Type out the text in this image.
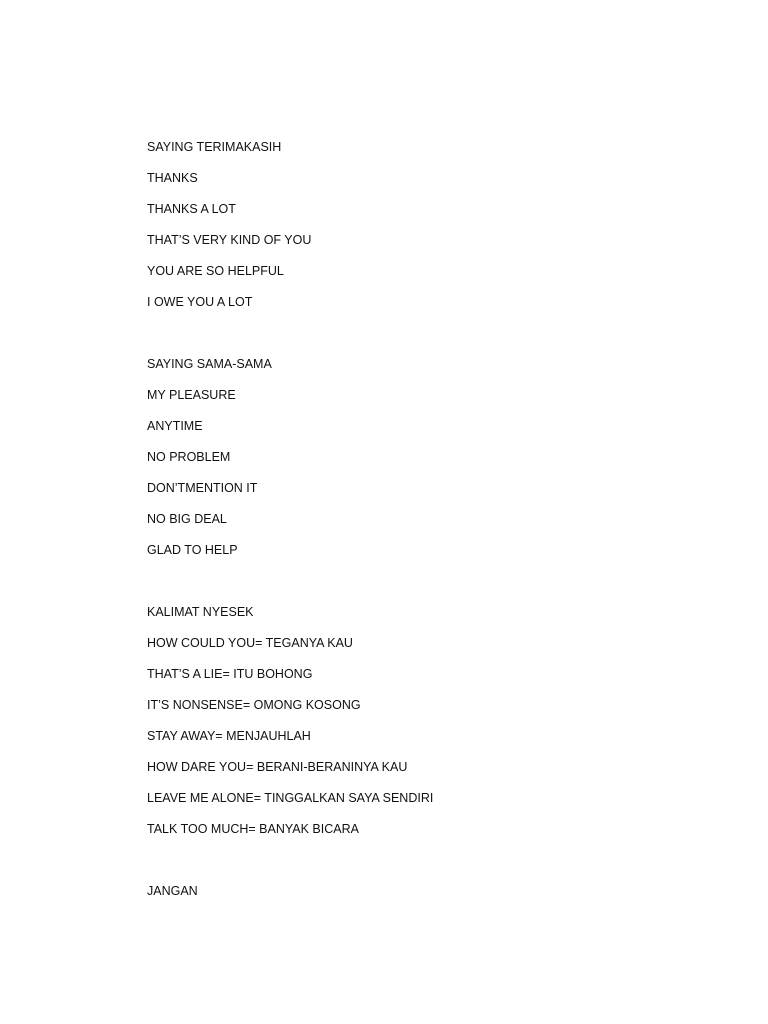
SAYING TERIMAKASIH
THANKS
THANKS A LOT
THAT’S VERY KIND OF YOU
YOU ARE SO HELPFUL
I OWE YOU A LOT
SAYING SAMA-SAMA
MY PLEASURE
ANYTIME
NO PROBLEM
DON’TMENTION IT
NO BIG DEAL
GLAD TO HELP
KALIMAT NYESEK
HOW COULD YOU= TEGANYA KAU
THAT’S A LIE= ITU BOHONG
IT’S NONSENSE= OMONG KOSONG
STAY AWAY= MENJAUHLAH
HOW DARE YOU= BERANI-BERANINYA KAU
LEAVE ME ALONE= TINGGALKAN SAYA SENDIRI
TALK TOO MUCH= BANYAK BICARA
JANGAN
